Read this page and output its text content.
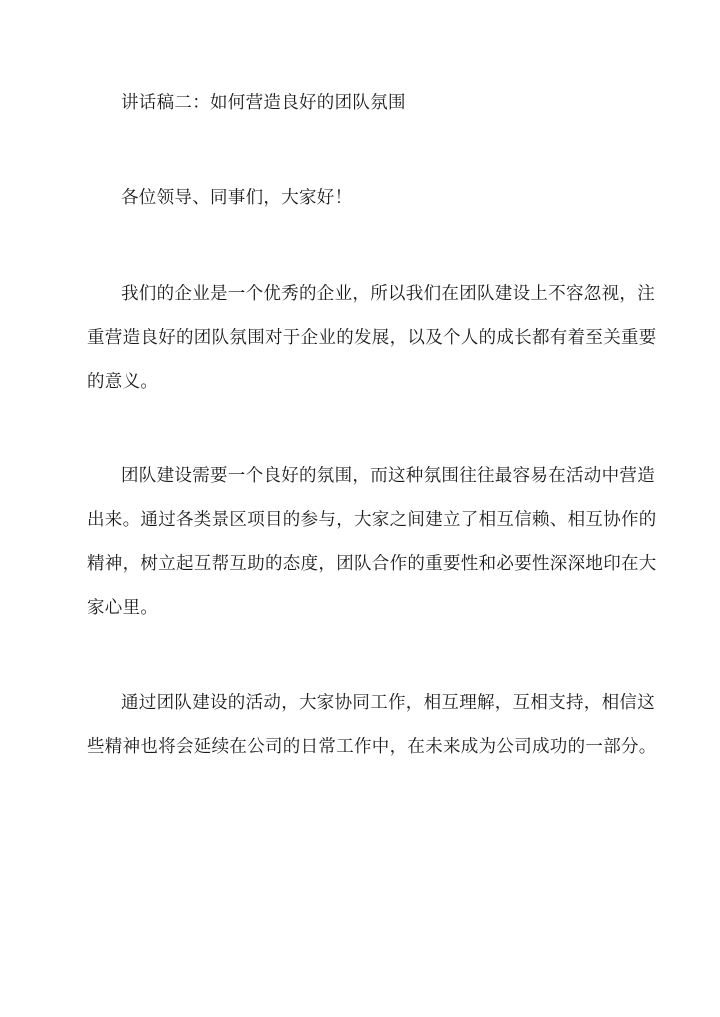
讲话稿二：如何营造良好的团队氛围
各位领导、同事们，大家好！
我们的企业是一个优秀的企业，所以我们在团队建设上不容忽视，注
重营造良好的团队氛围对于企业的发展，以及个人的成长都有着至关重要
的意义。
团队建设需要一个良好的氛围，而这种氛围往往最容易在活动中营造
出来。通过各类景区项目的参与，大家之间建立了相互信赖、相互协作的
精神，树立起互帮互助的态度，团队合作的重要性和必要性深深地印在大
家心里。
通过团队建设的活动，大家协同工作，相互理解，互相支持，相信这
些精神也将会延续在公司的日常工作中，在未来成为公司成功的一部分。
